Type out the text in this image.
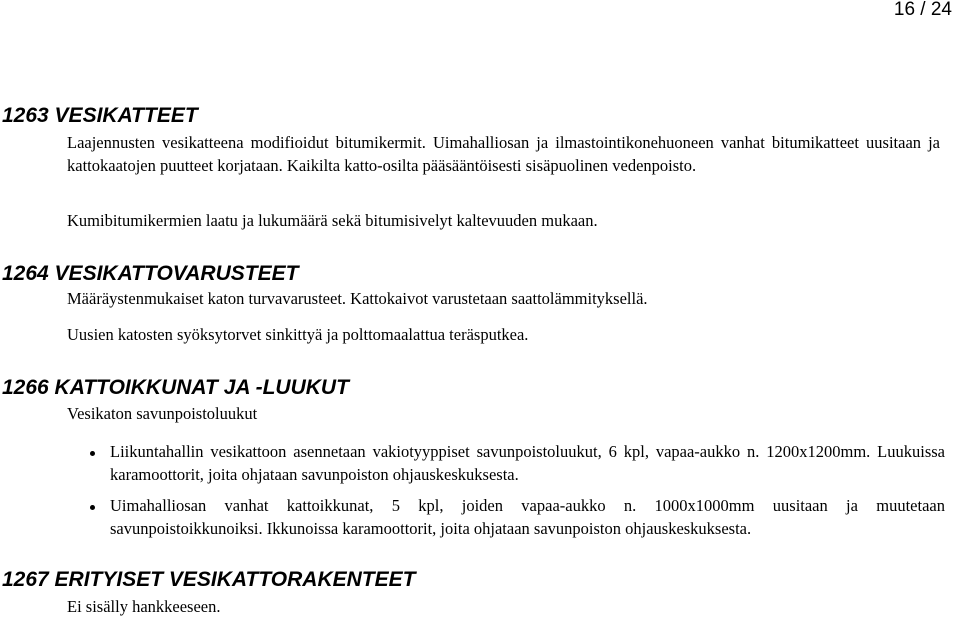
16 / 24
1263 VESIKATTEET

Laajennusten vesikatteena modifioidut bitumikermit. Uimahalliosan ja ilmastointikonehuoneen vanhat bitumikatteet uusitaan ja kattokaatojen puutteet korjataan. Kaikilta katto-osilta pääsääntöisesti sisäpuolinen vedenpoisto.

Kumibitumikermien laatu ja lukumäärä sekä bitumisivelyt kaltevuuden mukaan.

1264 VESIKATTOVARUSTEET

Määräystenmukaiset katon turvavarusteet. Kattokaivot varustetaan saattolämmityksellä.

Uusien katosten syöksytorvet sinkittyä ja polttomaalattua teräsputkea.

1266 KATTOIKKUNAT JA -LUUKUT

Vesikaton savunpoistoluukut

Liikuntahallin vesikattoon asennetaan vakiotyyppiset savunpoistoluukut, 6 kpl, vapaa-aukko n. 1200x1200mm. Luukuissa karamoottorit, joita ohjataan savunpoiston ohjauskeskuksesta.

Uimahalliosan vanhat kattoikkunat, 5 kpl, joiden vapaa-aukko n. 1000x1000mm uusitaan ja muutetaan savunpoistoikkunoiksi. Ikkunoissa karamoottorit, joita ohjataan savunpoiston ohjauskeskuksesta.

1267 ERITYISET VESIKATTORAKENTEET

Ei sisälly hankkeeseen.
